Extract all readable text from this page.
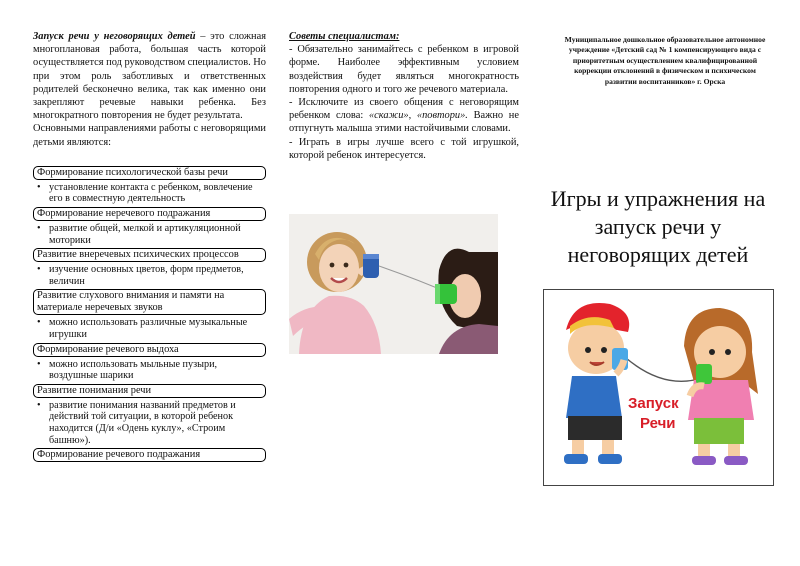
Запуск речи у неговорящих детей – это сложная многоплановая работа, большая часть которой осуществляется под руководством специалистов. Но при этом роль заботливых и ответственных родителей бесконечно велика, так как именно они закрепляют речевые навыки ребенка. Без многократного повторения не будет результата.

Основными направлениями работы с неговорящими детьми являются:

Формирование психологической базы речи
• установление контакта с ребенком, вовлечение его в совместную деятельность
Формирование неречевого подражания
• развитие общей, мелкой и артикуляционной моторики
Развитие внеречевых психических процессов
• изучение основных цветов, форм предметов, величин
Развитие слухового внимания и памяти на материале неречевых звуков
• можно использовать различные музыкальные игрушки
Формирование речевого выдоха
• можно использовать мыльные пузыри, воздушные шарики
Развитие понимания речи
• развитие понимания названий предметов и действий той ситуации, в которой ребенок находится (Д/и «Одень куклу», «Строим башню»).
Формирование речевого подражания
Советы специалистам:

- Обязательно занимайтесь с ребенком в игровой форме. Наиболее эффективным условием воздействия будет являться многократность повторения одного и того же речевого материала.

- Исключите из своего общения с неговорящим ребенком слова: «скажи», «повтори». Важно не отпугнуть малыша этими настойчивыми словами.

- Играть в игры лучше всего с той игрушкой, которой ребенок интересуется.

Муниципальное дошкольное образовательное автономное учреждение «Детский сад № 1 компенсирующего вида с приоритетным осуществлением квалифицированной коррекции отклонений в физическом и психическом развитии воспитанников» г. Орска
Игры и упражнения на запуск речи у неговорящих детей
Запуск
Речи
